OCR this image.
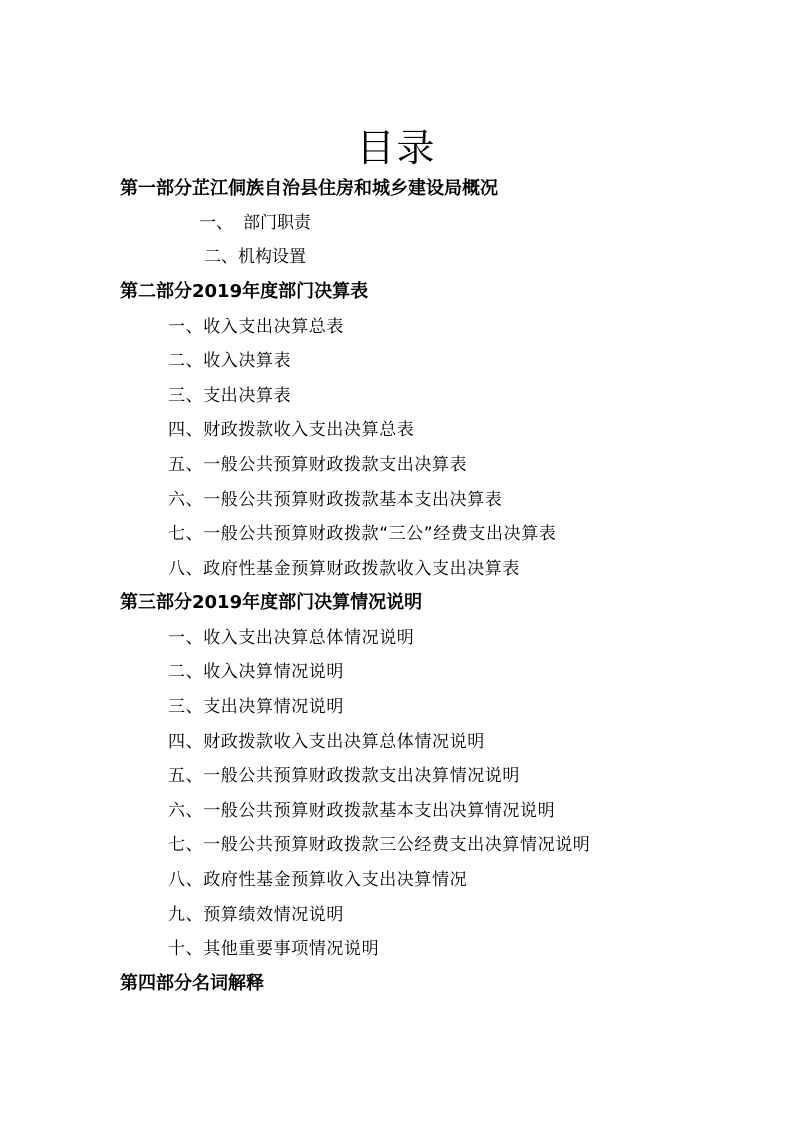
目录
第一部分芷江侗族自治县住房和城乡建设局概况
一、 部门职责
二、机构设置
第二部分2019年度部门决算表
一、收入支出决算总表
二、收入决算表
三、支出决算表
四、财政拨款收入支出决算总表
五、一般公共预算财政拨款支出决算表
六、一般公共预算财政拨款基本支出决算表
七、一般公共预算财政拨款“三公”经费支出决算表
八、政府性基金预算财政拨款收入支出决算表
第三部分2019年度部门决算情况说明
一、收入支出决算总体情况说明
二、收入决算情况说明
三、支出决算情况说明
四、财政拨款收入支出决算总体情况说明
五、一般公共预算财政拨款支出决算情况说明
六、一般公共预算财政拨款基本支出决算情况说明
七、一般公共预算财政拨款三公经费支出决算情况说明
八、政府性基金预算收入支出决算情况
九、预算绩效情况说明
十、其他重要事项情况说明
第四部分名词解释
